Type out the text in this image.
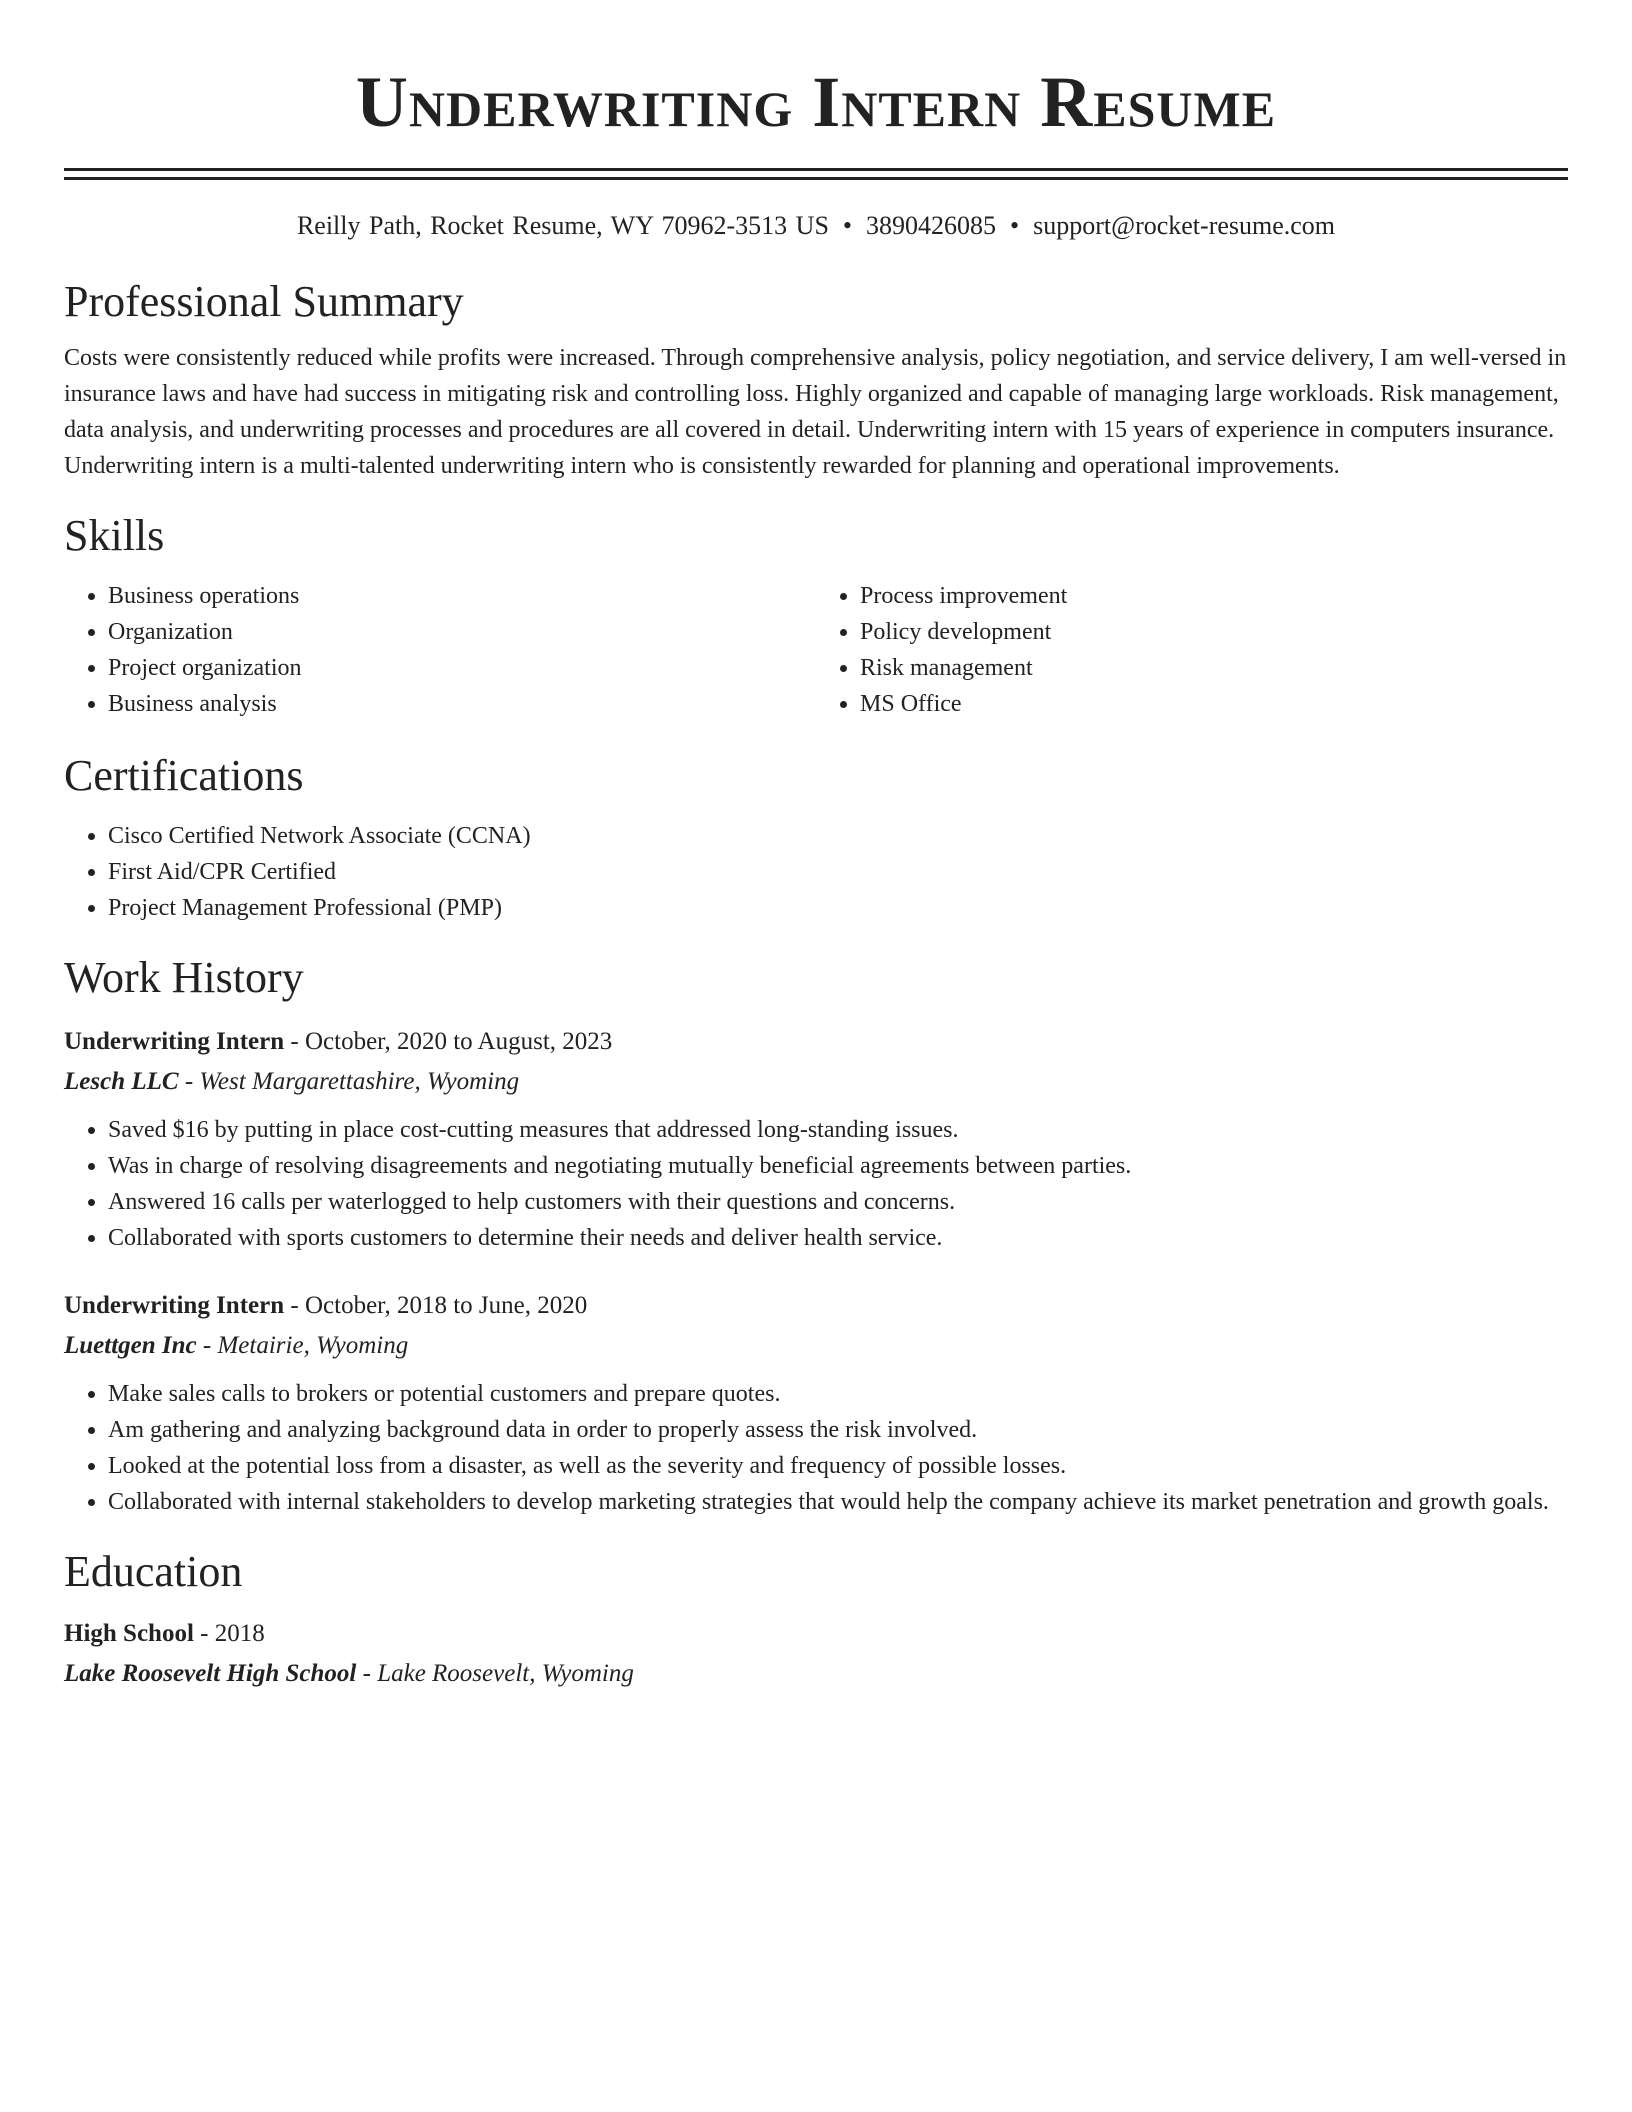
Underwriting Intern Resume
Reilly Path, Rocket Resume, WY 70962-3513 US • 3890426085 • support@rocket-resume.com
Professional Summary

Costs were consistently reduced while profits were increased. Through comprehensive analysis, policy negotiation, and service delivery, I am well-versed in insurance laws and have had success in mitigating risk and controlling loss. Highly organized and capable of managing large workloads. Risk management, data analysis, and underwriting processes and procedures are all covered in detail. Underwriting intern with 15 years of experience in computers insurance. Underwriting intern is a multi-talented underwriting intern who is consistently rewarded for planning and operational improvements.

Skills
• Business operations
• Organization
• Project organization
• Business analysis
• Process improvement
• Policy development
• Risk management
• MS Office
Certifications
• Cisco Certified Network Associate (CCNA)
• First Aid/CPR Certified
• Project Management Professional (PMP)
Work History
Underwriting Intern - October, 2020 to August, 2023
Lesch LLC - West Margarettashire, Wyoming
• Saved $16 by putting in place cost-cutting measures that addressed long-standing issues.
• Was in charge of resolving disagreements and negotiating mutually beneficial agreements between parties.
• Answered 16 calls per waterlogged to help customers with their questions and concerns.
• Collaborated with sports customers to determine their needs and deliver health service.
Underwriting Intern - October, 2018 to June, 2020
Luettgen Inc - Metairie, Wyoming
• Make sales calls to brokers or potential customers and prepare quotes.
• Am gathering and analyzing background data in order to properly assess the risk involved.
• Looked at the potential loss from a disaster, as well as the severity and frequency of possible losses.
• Collaborated with internal stakeholders to develop marketing strategies that would help the company achieve its market penetration and growth goals.
Education
High School - 2018
Lake Roosevelt High School - Lake Roosevelt, Wyoming
